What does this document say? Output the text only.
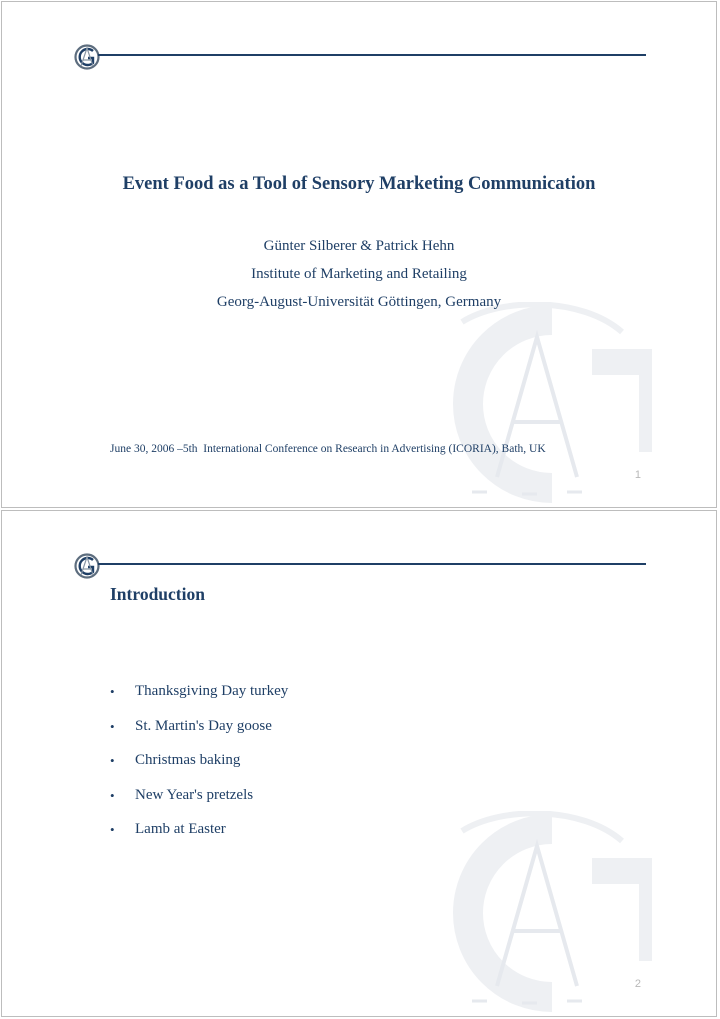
Event Food as a Tool of Sensory Marketing Communication
Günter Silberer & Patrick Hehn
Institute of Marketing and Retailing
Georg-August-Universität Göttingen, Germany
June 30, 2006 –5th  International Conference on Research in Advertising (ICORIA), Bath, UK
1
Introduction
•	Thanksgiving Day turkey
•	St. Martin's Day goose
•	Christmas baking
•	New Year's pretzels
•	Lamb at Easter
2
